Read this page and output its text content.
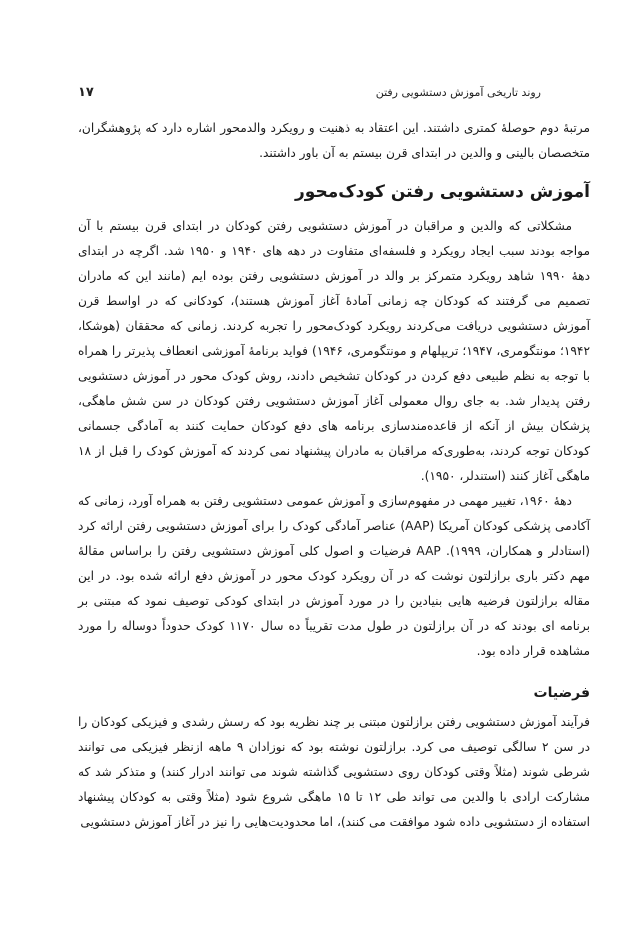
روند تاریخی آموزش دستشویی رفتن
۱۷

مرتبهٔ دوم حوصلهٔ کمتری داشتند. این اعتقاد به ذهنیت و رویکرد والدمحور اشاره دارد که پژوهشگران، متخصصان بالینی و والدین در ابتدای قرن بیستم به آن باور داشتند.

آموزش دستشویی رفتن کودک‌محور

مشکلاتی که والدین و مراقبان در آموزش دستشویی رفتن کودکان در ابتدای قرن بیستم با آن مواجه بودند سبب ایجاد رویکرد و فلسفه‌ای متفاوت در دهه های ۱۹۴۰ و ۱۹۵۰ شد. اگرچه در ابتدای دههٔ ۱۹۹۰ شاهد رویکرد متمرکز بر والد در آموزش دستشویی رفتن بوده ایم (مانند این که مادران تصمیم می گرفتند که کودکان چه زمانی آمادهٔ آغاز آموزش هستند)، کودکانی که در اواسط قرن آموزش دستشویی دریافت می‌کردند رویکرد کودک‌محور را تجربه کردند. زمانی که محققان (هوشکا، ۱۹۴۲؛ مونتگومری، ۱۹۴۷؛ تریپلهام و مونتگومری، ۱۹۴۶) فواید برنامهٔ آموزشی انعطاف پذیرتر را همراه با توجه به نظم طبیعی دفع کردن در کودکان تشخیص دادند، روش کودک محور در آموزش دستشویی رفتن پدیدار شد. به جای روال معمولی آغاز آموزش دستشویی رفتن کودکان در سن شش ماهگی، پزشکان بیش از آنکه از قاعده‌مندسازی برنامه های دفع کودکان حمایت کنند به آمادگی جسمانی کودکان توجه کردند، به‌طوری‌که مراقبان به مادران پیشنهاد نمی کردند که آموزش کودک را قبل از ۱۸ ماهگی آغاز کنند (استندلر، ۱۹۵۰).

دههٔ ۱۹۶۰، تغییر مهمی در مفهوم‌سازی و آموزش عمومی دستشویی رفتن به همراه آورد، زمانی که آکادمی پزشکی کودکان آمریکا (AAP) عناصر آمادگی کودک را برای آموزش دستشویی رفتن ارائه کرد (استادلر و همکاران، ۱۹۹۹). AAP فرضیات و اصول کلی آموزش دستشویی رفتن را براساس مقالهٔ مهم دکتر باری برازلتون نوشت که در آن رویکرد کودک محور در آموزش دفع ارائه شده بود. در این مقاله برازلتون فرضیه هایی بنیادین را در مورد آموزش در ابتدای کودکی توصیف نمود که مبتنی بر برنامه ای بودند که در آن برازلتون در طول مدت تقریباً ده سال ۱۱۷۰ کودک حدوداً دوساله را مورد مشاهده قرار داده بود.

فرضیات

فرآیند آموزش دستشویی رفتن برازلتون مبتنی بر چند نظریه بود که رسش رشدی و فیزیکی کودکان را در سن ۲ سالگی توصیف می کرد. برازلتون نوشته بود که نوزادان ۹ ماهه ازنظر فیزیکی می توانند شرطی شوند (مثلاً وقتی کودکان روی دستشویی گذاشته شوند می توانند ادرار کنند) و متذکر شد که مشارکت ارادی با والدین می تواند طی ۱۲ تا ۱۵ ماهگی شروع شود (مثلاً وقتی به کودکان پیشنهاد استفاده از دستشویی داده شود موافقت می کنند)، اما محدودیت‌هایی را نیز در آغاز آموزش دستشویی
